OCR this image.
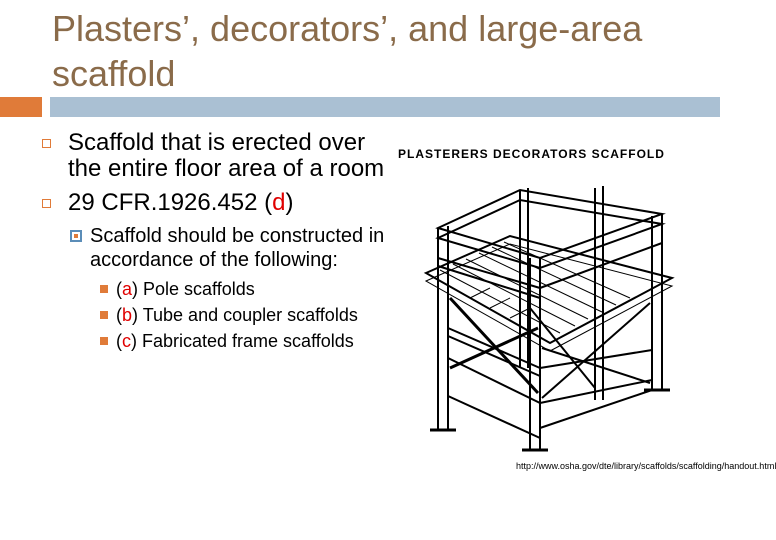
Plasters’, decorators’, and large-area scaffold
Scaffold that is erected over the entire floor area of a room
29 CFR.1926.452 (d)
Scaffold should be constructed in accordance of the following:
(a) Pole scaffolds
(b) Tube and coupler scaffolds
(c) Fabricated frame scaffolds
PLASTERERS DECORATORS SCAFFOLD
http://www.osha.gov/dte/library/scaffolds/scaffolding/handout.html
